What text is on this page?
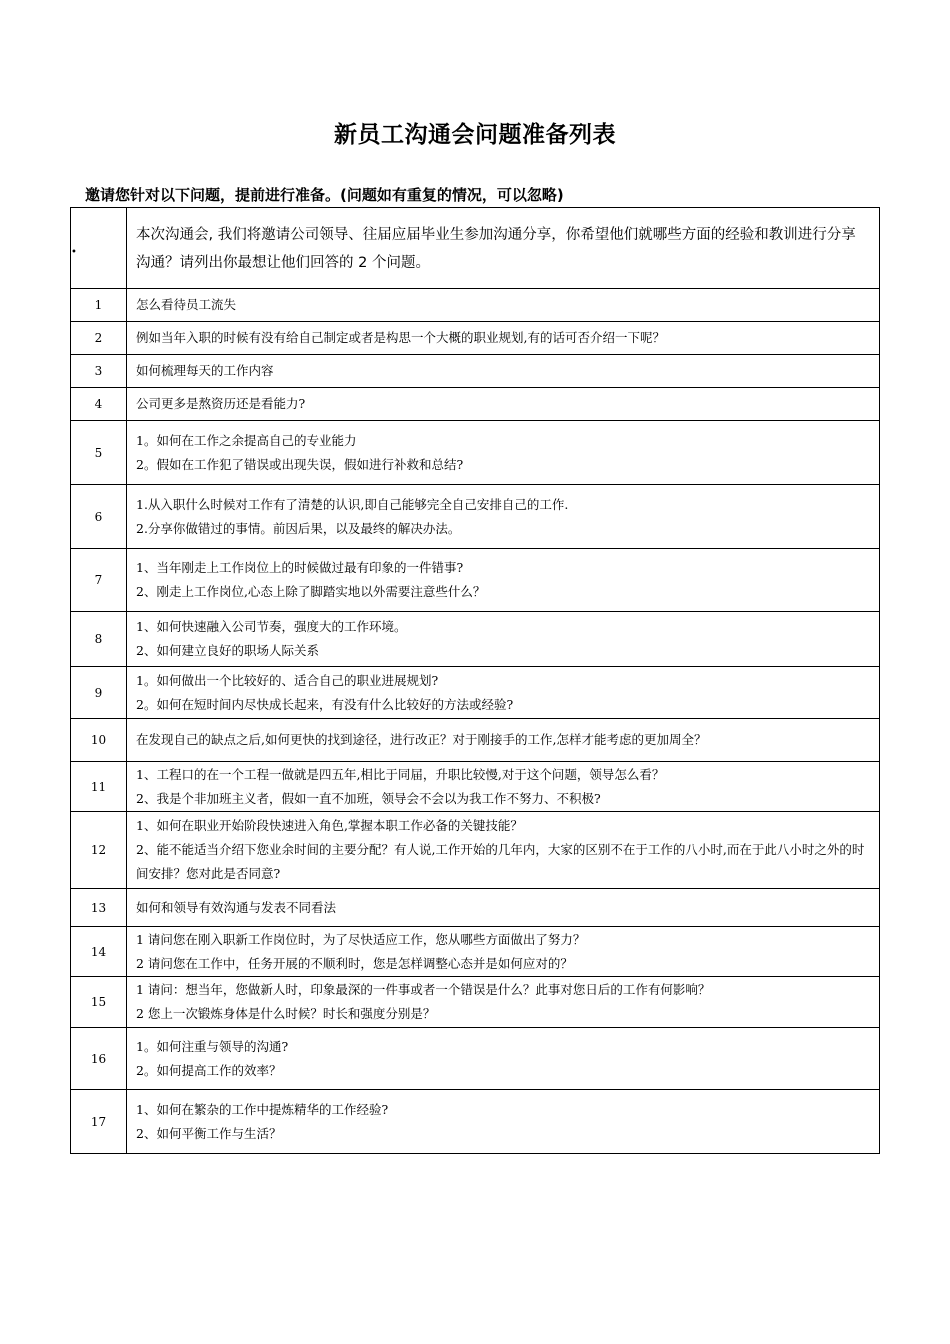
新员工沟通会问题准备列表
邀请您针对以下问题，提前进行准备。(问题如有重复的情况，可以忽略)
•	本次沟通会, 我们将邀请公司领导、往届应届毕业生参加沟通分享，你希望他们就哪些方面的经验和教训进行分享沟通？请列出你最想让他们回答的 2 个问题。

1	怎么看待员工流失

2	例如当年入职的时候有没有给自己制定或者是构思一个大概的职业规划,有的话可否介绍一下呢？

3	如何梳理每天的工作内容

4	公司更多是熬资历还是看能力?

5	1。如何在工作之余提高自己的专业能力
2。假如在工作犯了错误或出现失误，假如进行补救和总结?

6	1.从入职什么时候对工作有了清楚的认识,即自己能够完全自己安排自己的工作.
2.分享你做错过的事情。前因后果，以及最终的解决办法。

7	1、当年刚走上工作岗位上的时候做过最有印象的一件错事?
2、刚走上工作岗位,心态上除了脚踏实地以外需要注意些什么？

8	1、如何快速融入公司节奏，强度大的工作环境。
2、如何建立良好的职场人际关系

9	1。如何做出一个比较好的、适合自己的职业进展规划?
2。如何在短时间内尽快成长起来，有没有什么比较好的方法或经验?

10	在发现自己的缺点之后,如何更快的找到途径，进行改正？对于刚接手的工作,怎样才能考虑的更加周全？

11	1、工程口的在一个工程一做就是四五年,相比于同届，升职比较慢,对于这个问题，领导怎么看？
2、我是个非加班主义者，假如一直不加班，领导会不会以为我工作不努力、不积极?

12	1、如何在职业开始阶段快速进入角色,掌握本职工作必备的关键技能？
2、能不能适当介绍下您业余时间的主要分配？有人说,工作开始的几年内，大家的区别不在于工作的八小时,而在于此八小时之外的时间安排？您对此是否同意?

13	如何和领导有效沟通与发表不同看法

14	1 请问您在刚入职新工作岗位时，为了尽快适应工作，您从哪些方面做出了努力？
2 请问您在工作中，任务开展的不顺利时，您是怎样调整心态并是如何应对的？

15	1 请问：想当年，您做新人时，印象最深的一件事或者一个错误是什么？此事对您日后的工作有何影响？
2 您上一次锻炼身体是什么时候？时长和强度分别是？

16	1。如何注重与领导的沟通?
2。如何提高工作的效率？

17	1、如何在繁杂的工作中提炼精华的工作经验?
2、如何平衡工作与生活？
